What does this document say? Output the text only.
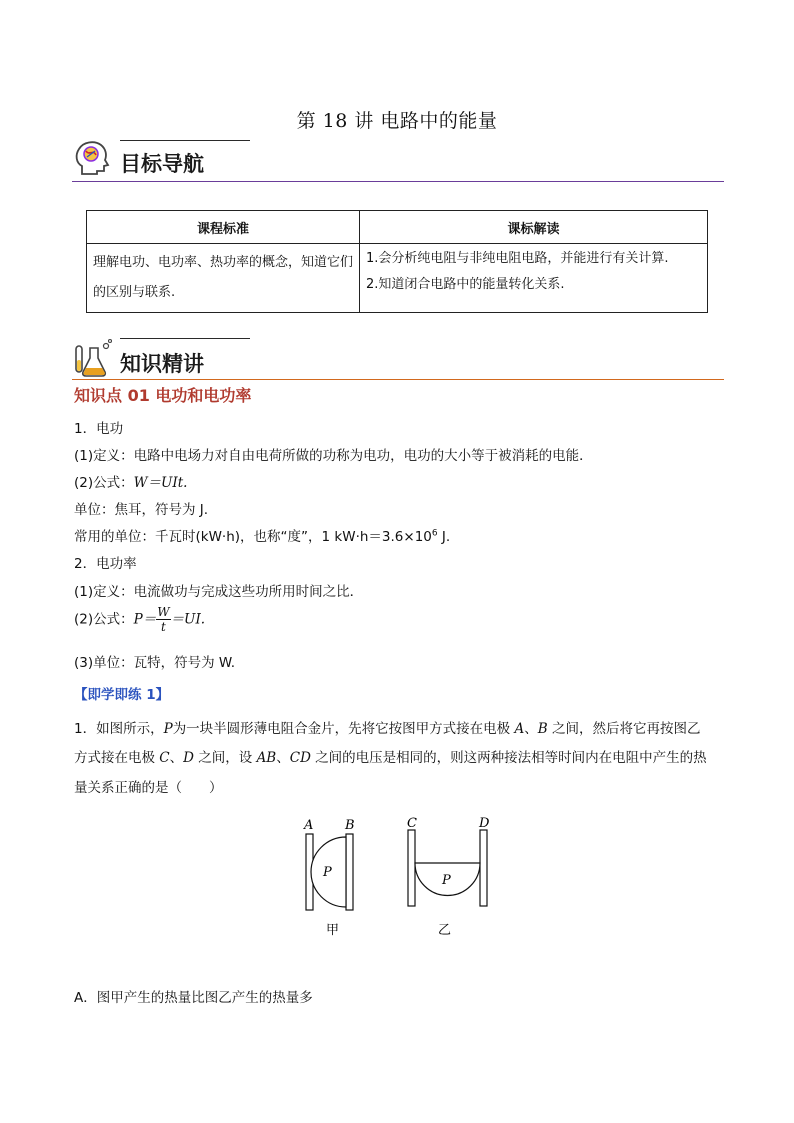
第 18 讲 电路中的能量
目标导航
课程标准	课标解读
理解电功、电功率、热功率的概念，知道它们的区别与联系.	1.会分析纯电阻与非纯电阻电路，并能进行有关计算.
2.知道闭合电路中的能量转化关系.
知识精讲
知识点 01 电功和电功率
1．电功
(1)定义：电路中电场力对自由电荷所做的功称为电功，电功的大小等于被消耗的电能．
(2)公式：W＝UIt.
单位：焦耳，符号为 J.
常用的单位：千瓦时(kW·h)，也称“度”，1 $kW\cdot h=3.6\times 10^6$ J.
2．电功率
(1)定义：电流做功与完成这些功所用时间之比．
(2)公式：$P= \frac{W}{t} =UI$.
(3)单位：瓦特，符号为 W.
【即学即练 1】
1．如图所示，P为一块半圆形薄电阻合金片，先将它按图甲方式接在电极 A、B 之间，然后将它再按图乙
方式接在电极 C、D 之间，设 AB、CD 之间的电压是相同的，则这两种接法相等时间内在电阻中产生的热
量关系正确的是（　　）
A B
P
甲
C	D
P
乙
A．图甲产生的热量比图乙产生的热量多
